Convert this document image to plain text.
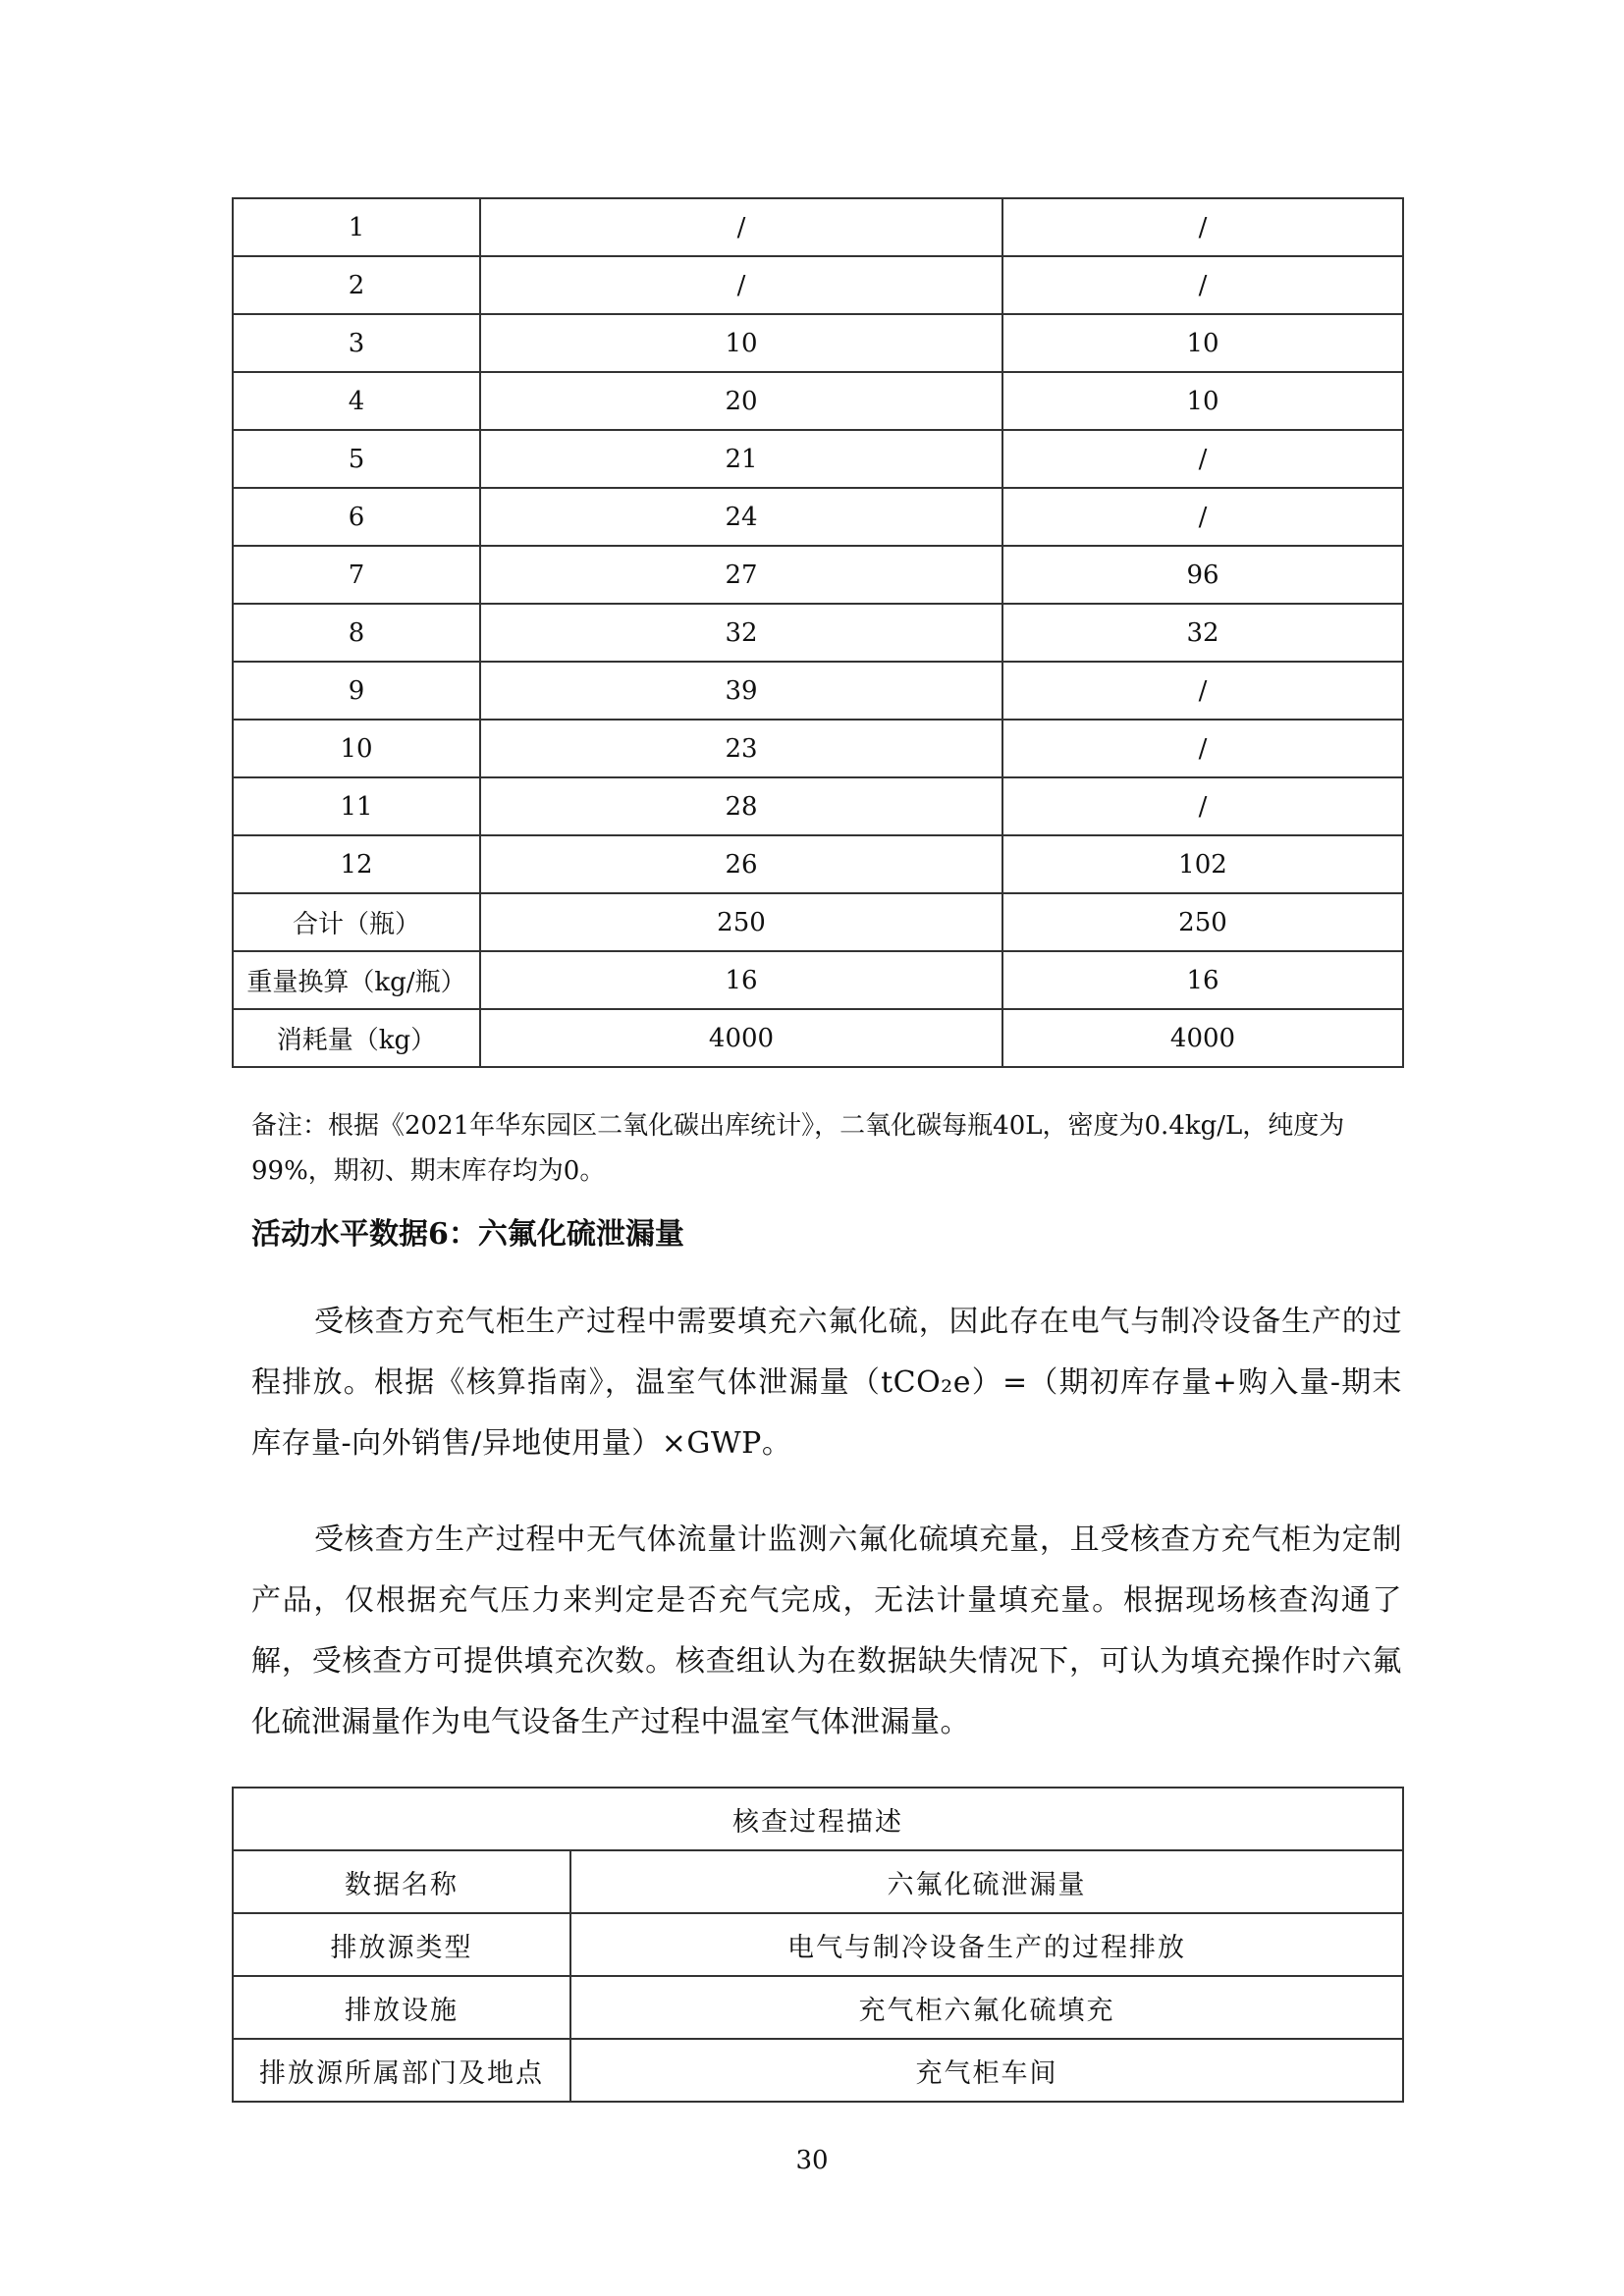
1	/	/
2	/	/
3	10	10
4	20	10
5	21	/
6	24	/
7	27	96
8	32	32
9	39	/
10	23	/
11	28	/
12	26	102
合计（瓶）	250	250
重量换算（kg/瓶）	16	16
消耗量（kg）	4000	4000
备注：根据《2021年华东园区二氧化碳出库统计》，二氧化碳每瓶40L，密度为0.4kg/L，纯度为99%，期初、期末库存均为0。
活动水平数据6：六氟化硫泄漏量

受核查方充气柜生产过程中需要填充六氟化硫，因此存在电气与制冷设备生产的过程排放。根据《核算指南》，温室气体泄漏量（tCO₂e）=（期初库存量+购入量-期末库存量-向外销售/异地使用量）×GWP。

受核查方生产过程中无气体流量计监测六氟化硫填充量，且受核查方充气柜为定制产品，仅根据充气压力来判定是否充气完成，无法计量填充量。根据现场核查沟通了解，受核查方可提供填充次数。核查组认为在数据缺失情况下，可认为填充操作时六氟化硫泄漏量作为电气设备生产过程中温室气体泄漏量。

核查过程描述	
数据名称	六氟化硫泄漏量
排放源类型	电气与制冷设备生产的过程排放
排放设施	充气柜六氟化硫填充
排放源所属部门及地点	充气柜车间
30
